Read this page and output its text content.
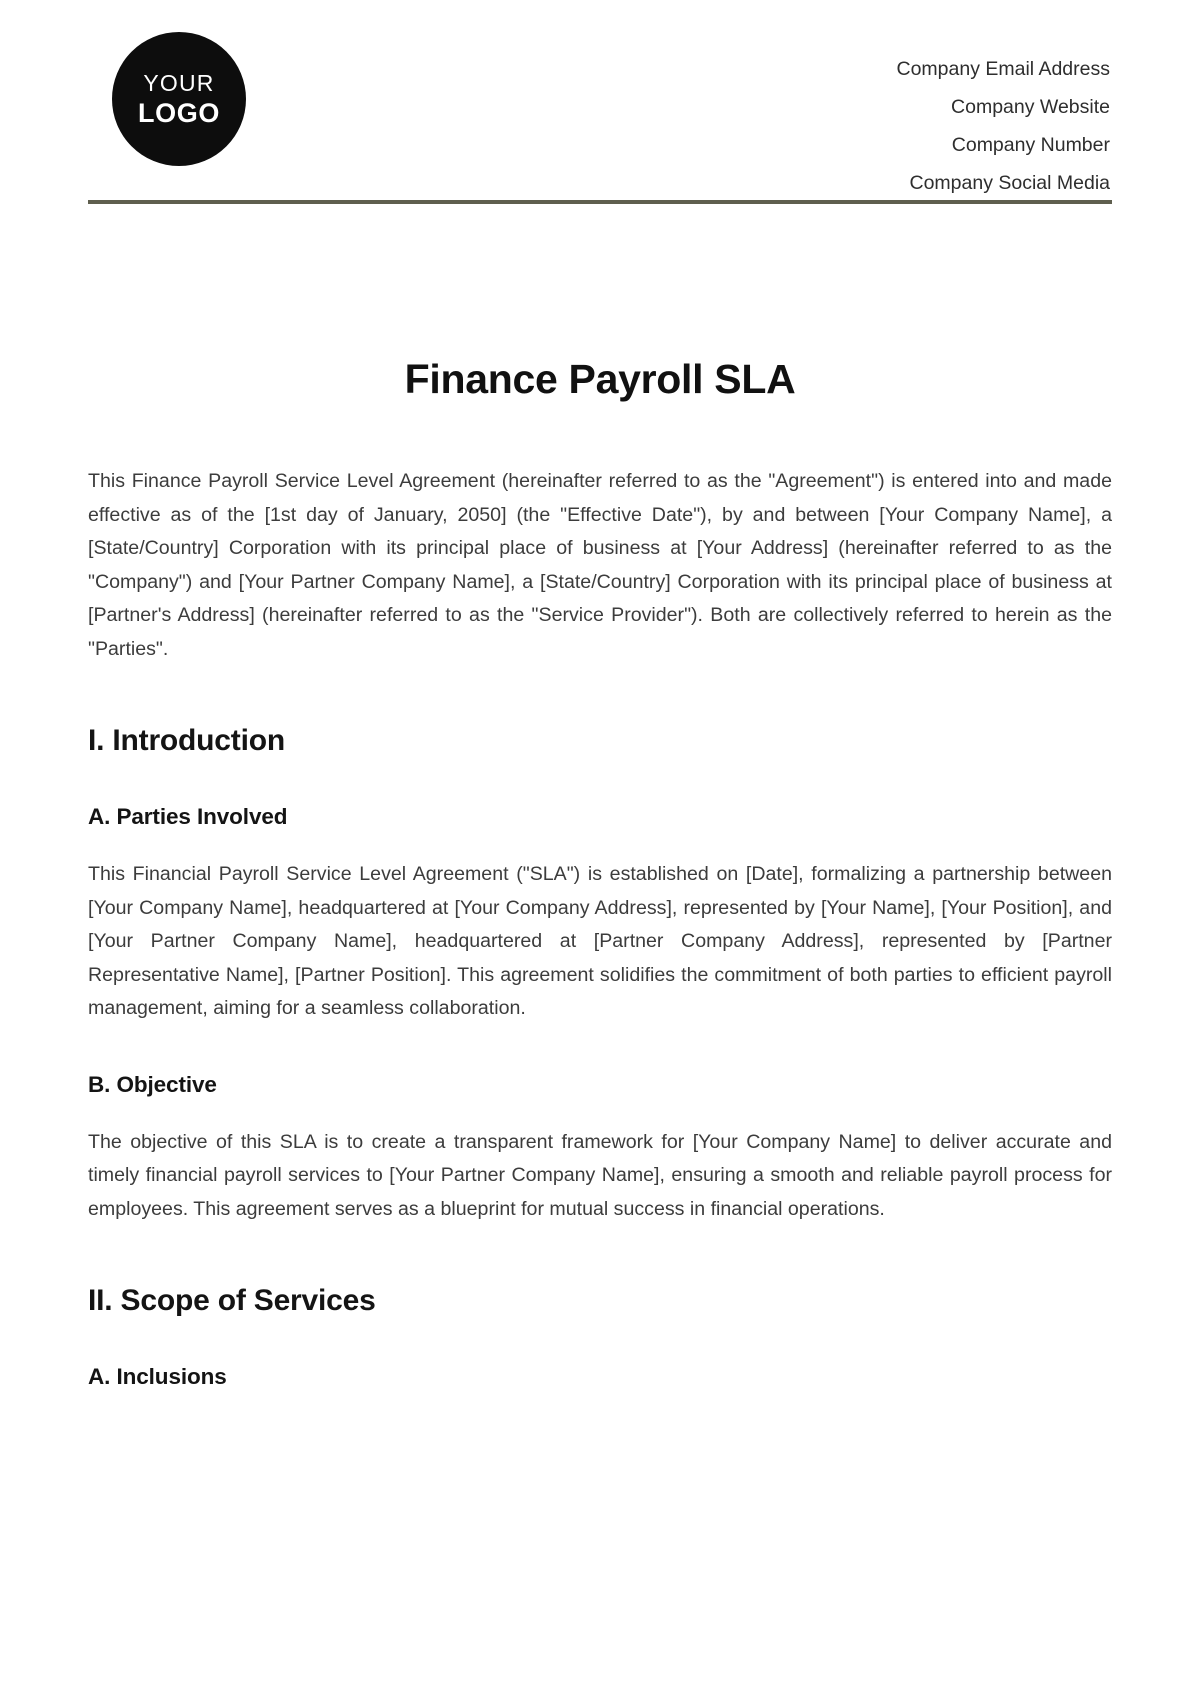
YOUR
LOGO
Company Email Address
Company Website
Company Number
Company Social Media
Finance Payroll SLA

This Finance Payroll Service Level Agreement (hereinafter referred to as the "Agreement") is entered into and made effective as of the [1st day of January, 2050] (the "Effective Date"), by and between [Your Company Name], a [State/Country] Corporation with its principal place of business at [Your Address] (hereinafter referred to as the "Company") and [Your Partner Company Name], a [State/Country] Corporation with its principal place of business at [Partner's Address] (hereinafter referred to as the "Service Provider"). Both are collectively referred to herein as the "Parties".

I. Introduction
A. Parties Involved

This Financial Payroll Service Level Agreement ("SLA") is established on [Date], formalizing a partnership between [Your Company Name], headquartered at [Your Company Address], represented by [Your Name], [Your Position], and [Your Partner Company Name], headquartered at [Partner Company Address], represented by [Partner Representative Name], [Partner Position]. This agreement solidifies the commitment of both parties to efficient payroll management, aiming for a seamless collaboration.

B. Objective

The objective of this SLA is to create a transparent framework for [Your Company Name] to deliver accurate and timely financial payroll services to [Your Partner Company Name], ensuring a smooth and reliable payroll process for employees. This agreement serves as a blueprint for mutual success in financial operations.

II. Scope of Services
A. Inclusions
